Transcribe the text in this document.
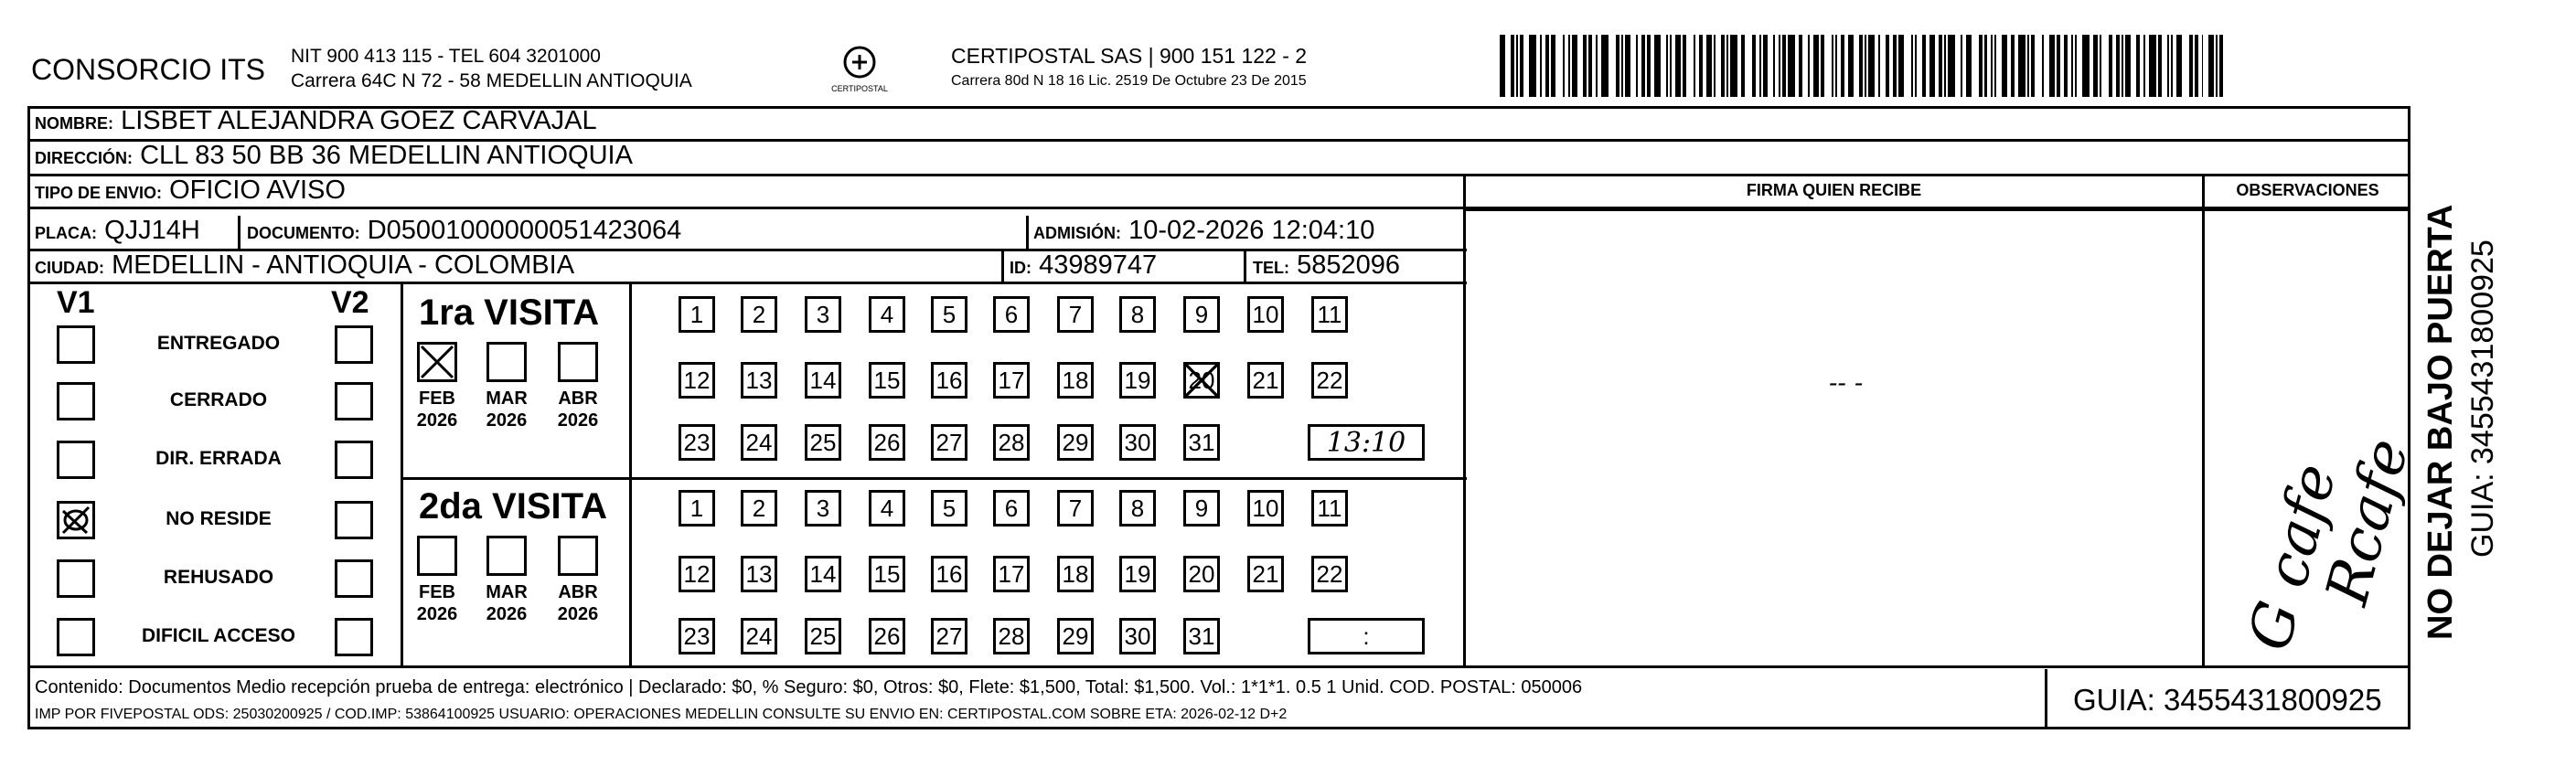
CONSORCIO ITS NIT 900 413 115 - TEL 604 3201000
Carrera 64C N 72 - 58 MEDELLIN ANTIOQUIA	CERTIPOSTAL
CERTIPOSTAL SAS | 900 151 122 - 2
Carrera 80d N 18 16 Lic. 2519 De Octubre 23 De 2015
NOMBRE: LISBET ALEJANDRA GOEZ CARVAJAL
DIRECCIÓN: CLL 83 50 BB 36 MEDELLIN ANTIOQUIA
TIPO DE ENVIO: OFICIO AVISO
PLACA: QJJ14H	DOCUMENTO: D05001000000051423064	ADMISIÓN: 10-02-2026 12:04:10
CIUDAD: MEDELLIN - ANTIOQUIA - COLOMBIA	ID: 43989747	TEL: 5852096
FIRMA QUIEN RECIBE	OBSERVACIONES
V1	V2
ENTREGADO
CERRADO
DIR. ERRADA
NO RESIDE
REHUSADO
DIFICIL ACCESO
1ra VISITA
2da VISITA
FEB
2026
MAR
2026
ABR
2026
1	2	3	4	5	6	7	8	9	10 11
12 13 14 15 16 17 18 19 20 21 22
23 24 25 26 27 28 29 30 31	13:10
FEB
2026
MAR
2026
ABR
2026
1	2	3	4	5	6	7	8	9	10 11
12 13 14 15 16 17 18 19 20 21 22
23 24 25 26 27 28 29 30 31	:
-- -
G cafe
Rcafe
Contenido: Documentos Medio recepción prueba de entrega: electrónico | Declarado: $0, % Seguro: $0, Otros: $0, Flete: $1,500, Total: $1,500. Vol.: 1*1*1. 0.5 1 Unid. COD. POSTAL: 050006
IMP POR FIVEPOSTAL ODS: 25030200925 / COD.IMP: 53864100925 USUARIO: OPERACIONES MEDELLIN CONSULTE SU ENVIO EN: CERTIPOSTAL.COM SOBRE ETA: 2026-02-12 D+2	GUIA: 3455431800925
NO DEJAR BAJO PUERTA GUIA: 3455431800925
